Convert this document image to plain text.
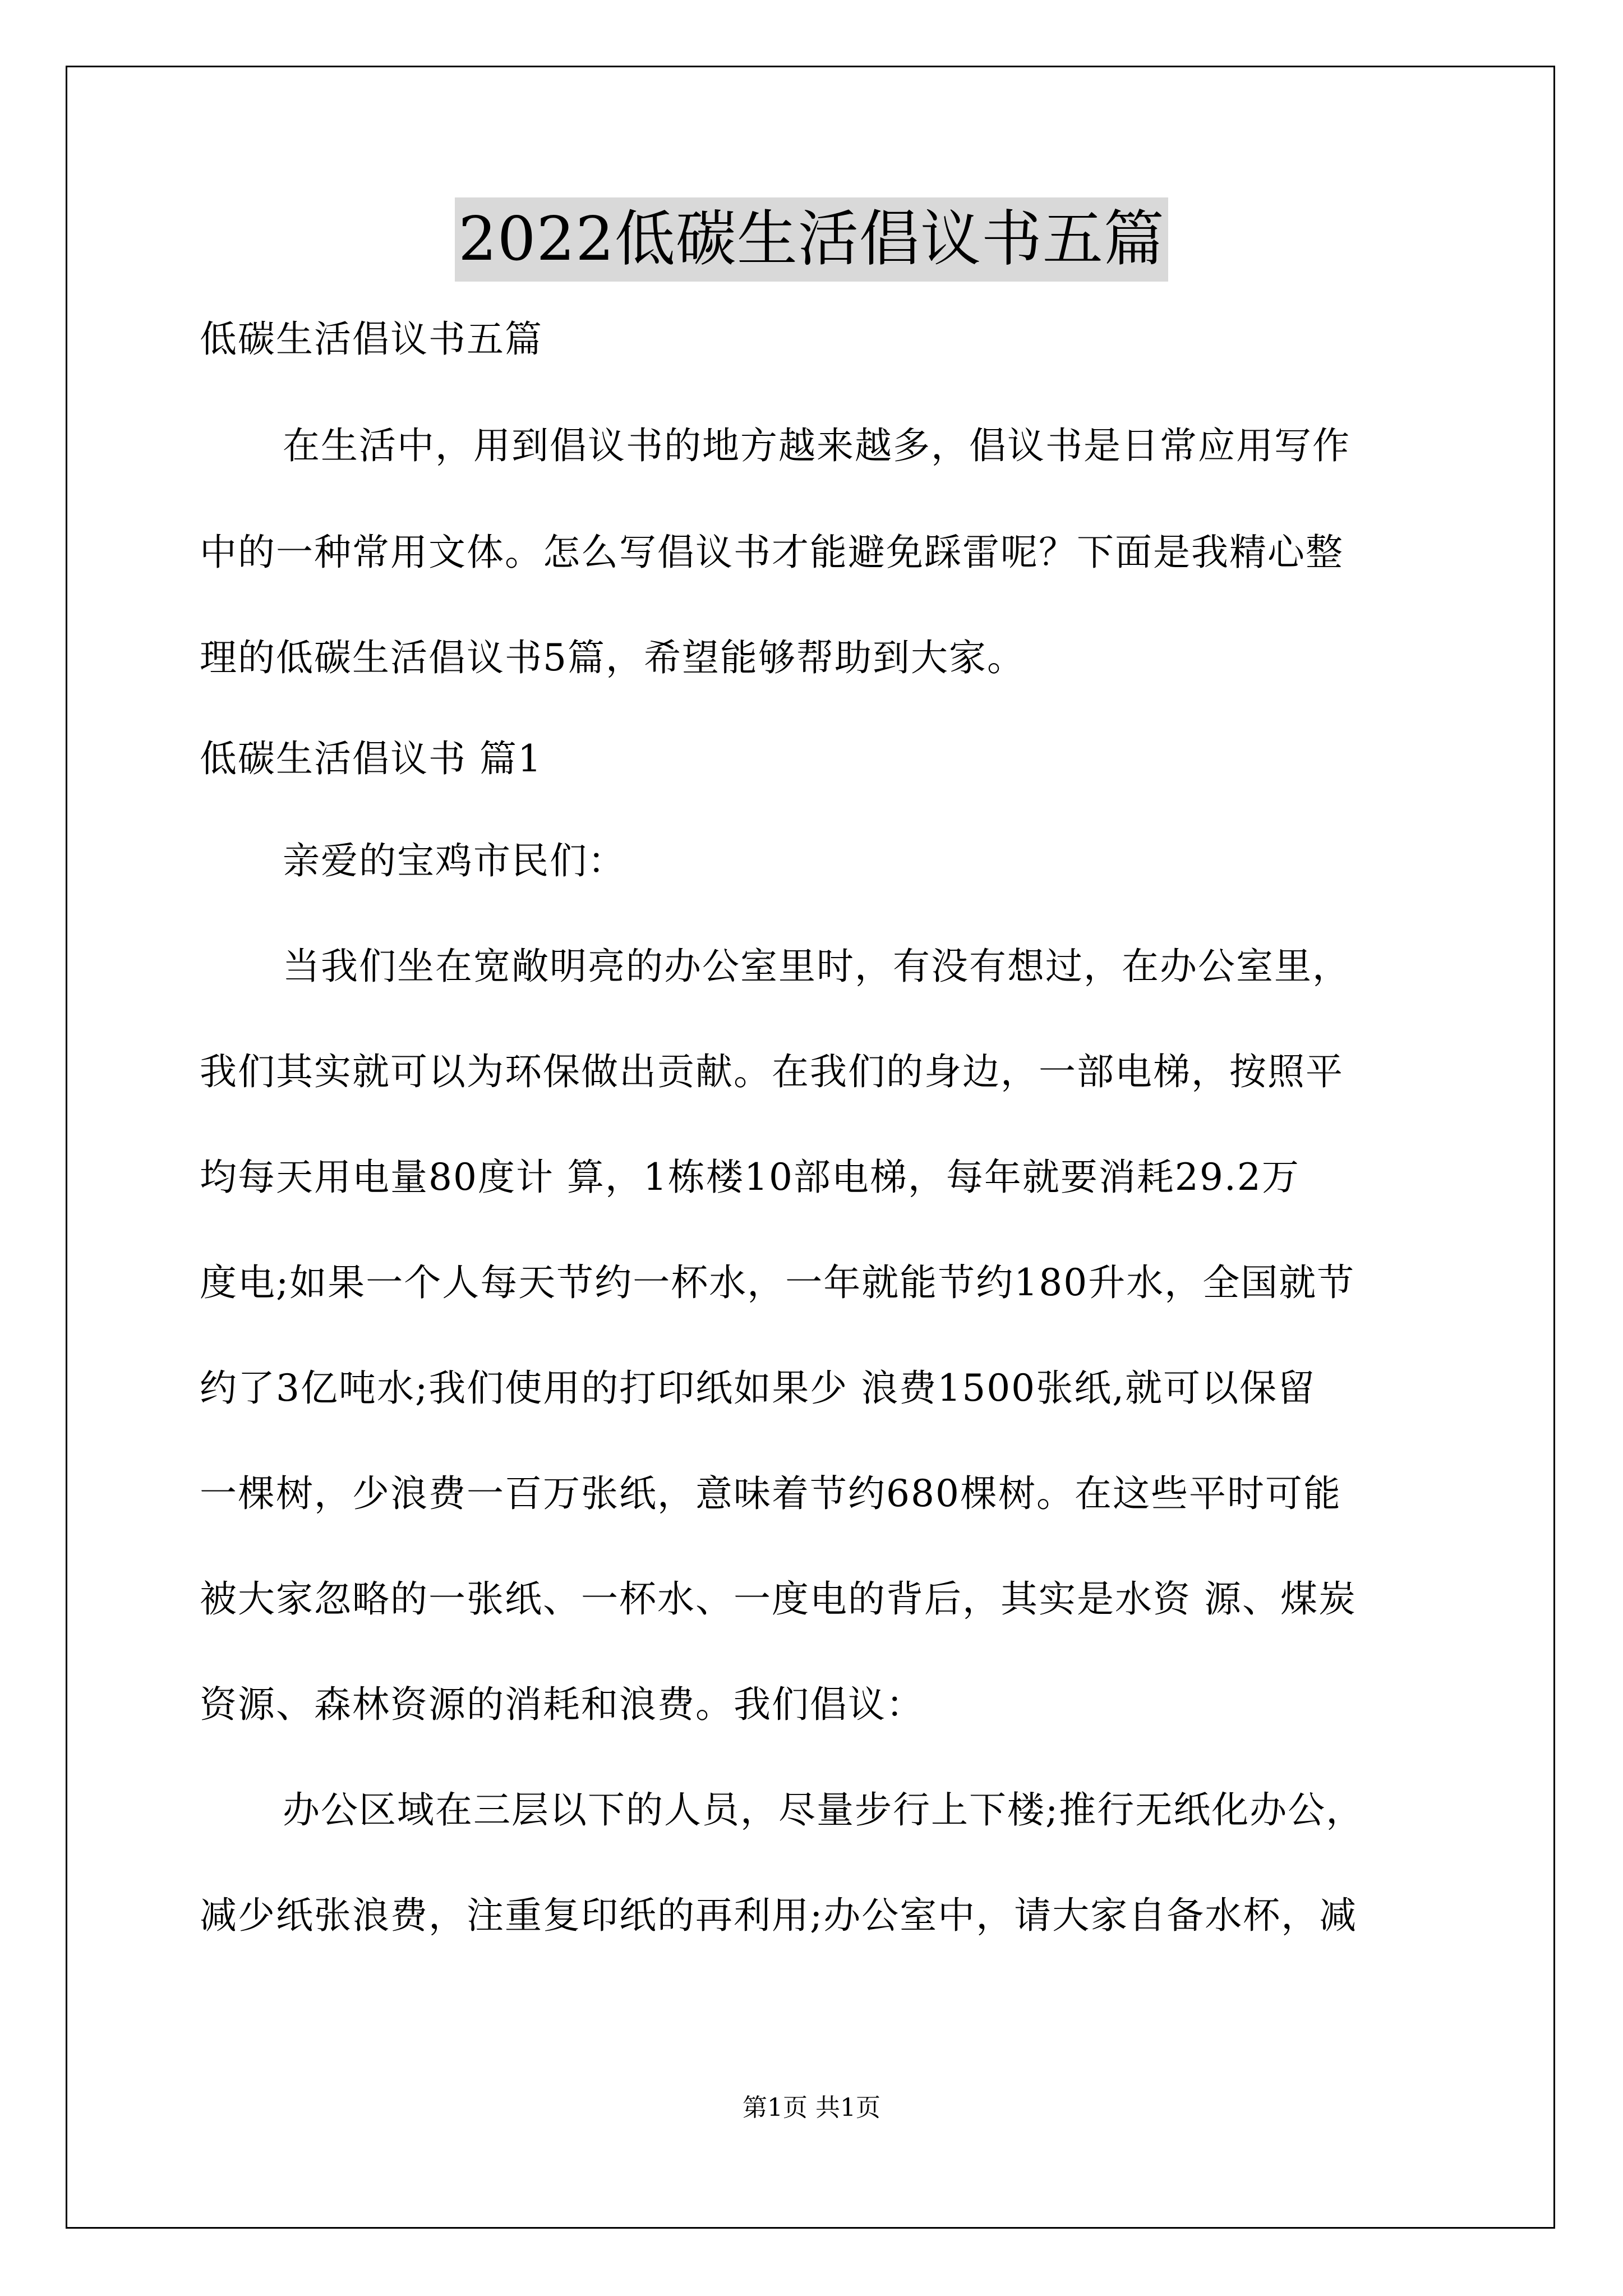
2022低碳生活倡议书五篇

低碳生活倡议书五篇

在生活中，用到倡议书的地方越来越多，倡议书是日常应用写作

中的一种常用文体。怎么写倡议书才能避免踩雷呢？下面是我精心整

理的低碳生活倡议书5篇，希望能够帮助到大家。

低碳生活倡议书 篇1

亲爱的宝鸡市民们：

当我们坐在宽敞明亮的办公室里时，有没有想过，在办公室里，

我们其实就可以为环保做出贡献。在我们的身边，一部电梯，按照平

均每天用电量80度计 算，1栋楼10部电梯，每年就要消耗29.2万

度电;如果一个人每天节约一杯水，一年就能节约180升水，全国就节

约了3亿吨水;我们使用的打印纸如果少 浪费1500张纸,就可以保留

一棵树，少浪费一百万张纸，意味着节约680棵树。在这些平时可能

被大家忽略的一张纸、一杯水、一度电的背后，其实是水资 源、煤炭

资源、森林资源的消耗和浪费。我们倡议：

办公区域在三层以下的人员，尽量步行上下楼;推行无纸化办公，

减少纸张浪费，注重复印纸的再利用;办公室中，请大家自备水杯，减

第1页 共1页
